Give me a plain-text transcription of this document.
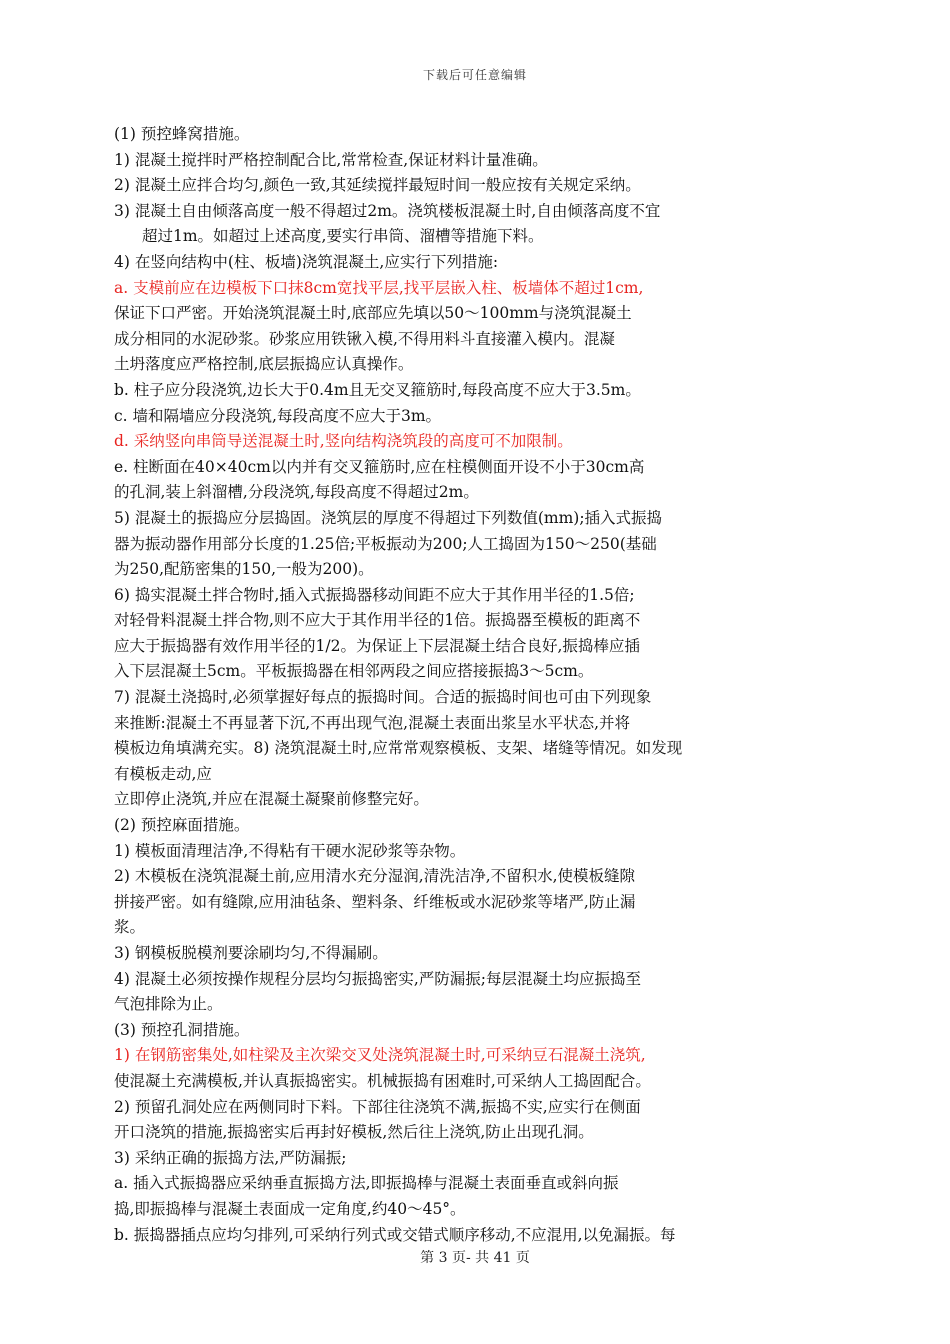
下载后可任意编辑
(1) 预控蜂窝措施。
1) 混凝土搅拌时严格控制配合比,常常检查,保证材料计量准确。
2) 混凝土应拌合均匀,颜色一致,其延续搅拌最短时间一般应按有关规定采纳。
3) 混凝土自由倾落高度一般不得超过2m。浇筑楼板混凝土时,自由倾落高度不宜
超过1m。如超过上述高度,要实行串筒、溜槽等措施下料。
4) 在竖向结构中(柱、板墙)浇筑混凝土,应实行下列措施:
a. 支模前应在边模板下口抹8cm宽找平层,找平层嵌入柱、板墙体不超过1cm,
保证下口严密。开始浇筑混凝土时,底部应先填以50～100mm与浇筑混凝土
成分相同的水泥砂浆。砂浆应用铁锹入模,不得用料斗直接灌入模内。混凝
土坍落度应严格控制,底层振捣应认真操作。
b. 柱子应分段浇筑,边长大于0.4m且无交叉箍筋时,每段高度不应大于3.5m。
c. 墙和隔墙应分段浇筑,每段高度不应大于3m。
d. 采纳竖向串筒导送混凝土时,竖向结构浇筑段的高度可不加限制。
e. 柱断面在40×40cm以内并有交叉箍筋时,应在柱模侧面开设不小于30cm高
的孔洞,装上斜溜槽,分段浇筑,每段高度不得超过2m。
5) 混凝土的振捣应分层捣固。浇筑层的厚度不得超过下列数值(mm);插入式振捣
器为振动器作用部分长度的1.25倍;平板振动为200;人工捣固为150～250(基础
为250,配筋密集的150,一般为200)。
6) 捣实混凝土拌合物时,插入式振捣器移动间距不应大于其作用半径的1.5倍;
对轻骨料混凝土拌合物,则不应大于其作用半径的1倍。振捣器至模板的距离不
应大于振捣器有效作用半径的1/2。为保证上下层混凝土结合良好,振捣棒应插
入下层混凝土5cm。平板振捣器在相邻两段之间应搭接振捣3～5cm。
7) 混凝土浇捣时,必须掌握好每点的振捣时间。合适的振捣时间也可由下列现象
来推断:混凝土不再显著下沉,不再出现气泡,混凝土表面出浆呈水平状态,并将
模板边角填满充实。8) 浇筑混凝土时,应常常观察模板、支架、堵缝等情况。如发现
有模板走动,应
立即停止浇筑,并应在混凝土凝聚前修整完好。
(2) 预控麻面措施。
1) 模板面清理洁净,不得粘有干硬水泥砂浆等杂物。
2) 木模板在浇筑混凝土前,应用清水充分湿润,清洗洁净,不留积水,使模板缝隙
拼接严密。如有缝隙,应用油毡条、塑料条、纤维板或水泥砂浆等堵严,防止漏
浆。
3) 钢模板脱模剂要涂刷均匀,不得漏刷。
4) 混凝土必须按操作规程分层均匀振捣密实,严防漏振;每层混凝土均应振捣至
气泡排除为止。
(3) 预控孔洞措施。
1) 在钢筋密集处,如柱梁及主次梁交叉处浇筑混凝土时,可采纳豆石混凝土浇筑,
使混凝土充满模板,并认真振捣密实。机械振捣有困难时,可采纳人工捣固配合。
2) 预留孔洞处应在两侧同时下料。下部往往浇筑不满,振捣不实,应实行在侧面
开口浇筑的措施,振捣密实后再封好模板,然后往上浇筑,防止出现孔洞。
3) 采纳正确的振捣方法,严防漏振;
a. 插入式振捣器应采纳垂直振捣方法,即振捣棒与混凝土表面垂直或斜向振
捣,即振捣棒与混凝土表面成一定角度,约40～45°。
b. 振捣器插点应均匀排列,可采纳行列式或交错式顺序移动,不应混用,以免漏振。每
第 3 页- 共 41 页
